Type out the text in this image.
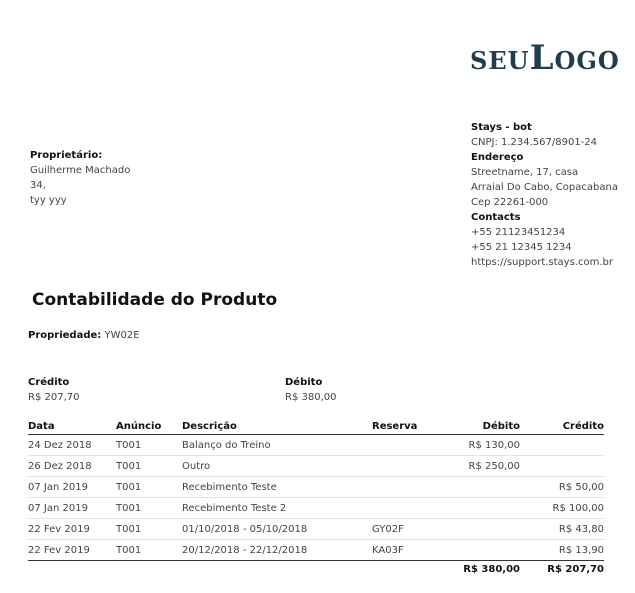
SEULOGO
Stays - bot
CNPJ: 1.234.567/8901-24
Endereço
Streetname, 17, casa
Arraial Do Cabo, Copacabana
Cep 22261-000
Contacts
+55 21123451234
+55 21 12345 1234
https://support.stays.com.br
Proprietário:
Guilherme Machado
34,
tyy yyy
Contabilidade do Produto
Propriedade: YW02E
Crédito
R$ 207,70
Débito
R$ 380,00
Data	Anúncio	Descrição	Reserva	Débito	Crédito
24 Dez 2018	T001	Balanço do Treino		R$ 130,00	
26 Dez 2018	T001	Outro		R$ 250,00	
07 Jan 2019	T001	Recebimento Teste			R$ 50,00
07 Jan 2019	T001	Recebimento Teste 2			R$ 100,00
22 Fev 2019	T001	01/10/2018 - 05/10/2018	GY02F		R$ 43,80
22 Fev 2019	T001	20/12/2018 - 22/12/2018	KA03F		R$ 13,90
				R$ 380,00	R$ 207,70
